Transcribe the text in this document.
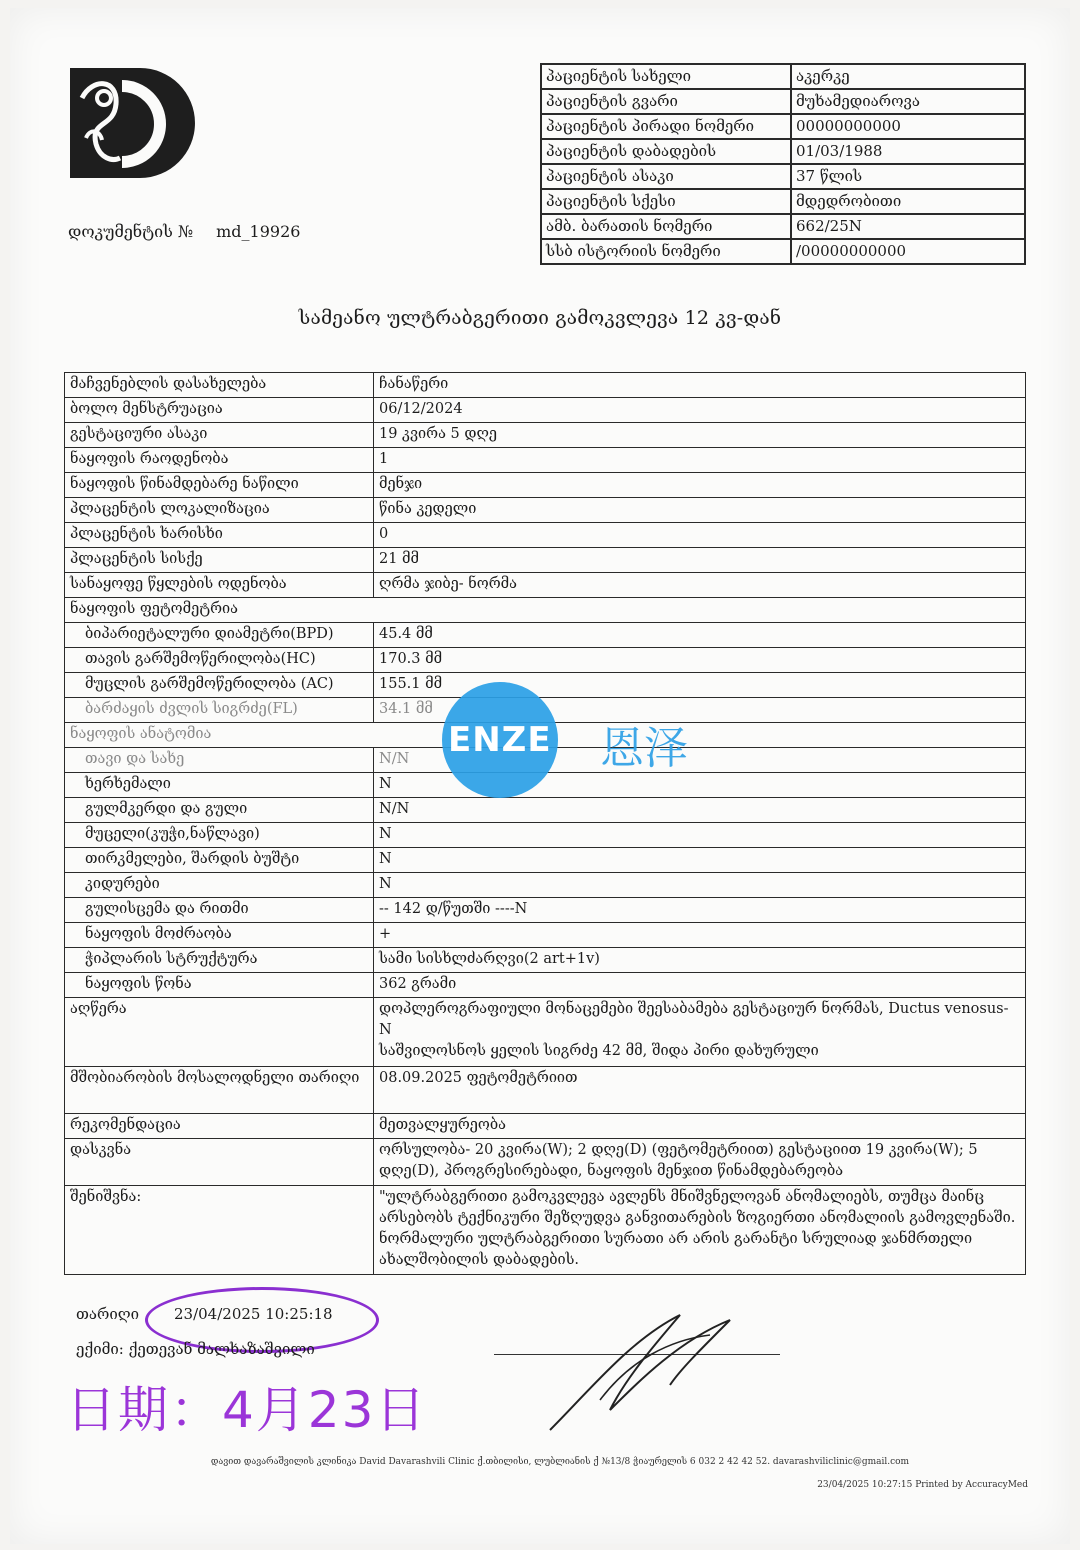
დოკუმენტის № md_19926
პაციენტის სახელი	აკერკე
პაციენტის გვარი	მუხამედიაროვა
პაციენტის პირადი ნომერი	00000000000
პაციენტის დაბადების	01/03/1988
პაციენტის ასაკი	37 წლის
პაციენტის სქესი	მდედრობითი
ამბ. ბარათის ნომერი	662/25N
სსბ ისტორიის ნომერი	/00000000000
სამეანო ულტრაბგერითი გამოკვლევა 12 კვ-დან
მაჩვენებლის დასახელება	ჩანაწერი
ბოლო მენსტრუაცია	06/12/2024
გესტაციური ასაკი	19 კვირა 5 დღე
ნაყოფის რაოდენობა	1
ნაყოფის წინამდებარე ნაწილი	მენჯი
პლაცენტის ლოკალიზაცია	წინა კედელი
პლაცენტის ხარისხი	0
პლაცენტის სისქე	21 მმ
სანაყოფე წყლების ოდენობა	ღრმა ჯიბე- ნორმა
ნაყოფის ფეტომეტრია	
ბიპარიეტალური დიამეტრი(BPD)	45.4 მმ
თავის გარშემოწერილობა(HC)	170.3 მმ
მუცლის გარშემოწერილობა (AC)	155.1 მმ
ბარძაყის ძვლის სიგრძე(FL)	34.1 მმ
ნაყოფის ანატომია	
თავი და სახე	N/N
ხერხემალი	N
გულმკერდი და გული	N/N
მუცელი(კუჭი,ნაწლავი)	N
თირკმელები, შარდის ბუშტი	N
კიდურები	N
გულისცემა და რითმი	-- 142 დ/წუთში ----N
ნაყოფის მოძრაობა	+
ჭიპლარის სტრუქტურა	სამი სისხლძარღვი(2 art+1v)
ნაყოფის წონა	362 გრამი
აღწერა	დოპლეროგრაფიული მონაცემები შეესაბამება გესტაციურ ნორმას, Ductus venosus-N
საშვილოსნოს ყელის სიგრძე 42 მმ, შიდა პირი დახურული

მშობიარობის მოსალოდნელი თარიღი	08.09.2025 ფეტომეტრიით
რეკომენდაცია	მეთვალყურეობა
დასკვნა	ორსულობა- 20 კვირა(W); 2 დღე(D) (ფეტომეტრიით) გესტაციით 19 კვირა(W); 5 დღე(D), პროგრესირებადი, ნაყოფის მენჯით წინამდებარეობა
შენიშვნა:	"ულტრაბგერითი გამოკვლევა ავლენს მნიშვნელოვან ანომალიებს, თუმცა მაინც არსებობს ტექნიკური შეზღუდვა განვითარების ზოგიერთი ანომალიის გამოვლენაში. ნორმალური ულტრაბგერითი სურათი არ არის გარანტი სრულიად ჯანმრთელი ახალშობილის დაბადების.
ENZE	恩泽
თარიღი 23/04/2025 10:25:18
ექიმი: ქეთევან მალხაზაშვილი
日期：4月23日
დავით დავარაშვილის კლინიკა David Davarashvili Clinic ქ.თბილისი, ლუბლიანის ქ №13/8 ჭიაურელის 6 032 2 42 42 52. davarashviliclinic@gmail.com
23/04/2025 10:27:15 Printed by AccuracyMed
